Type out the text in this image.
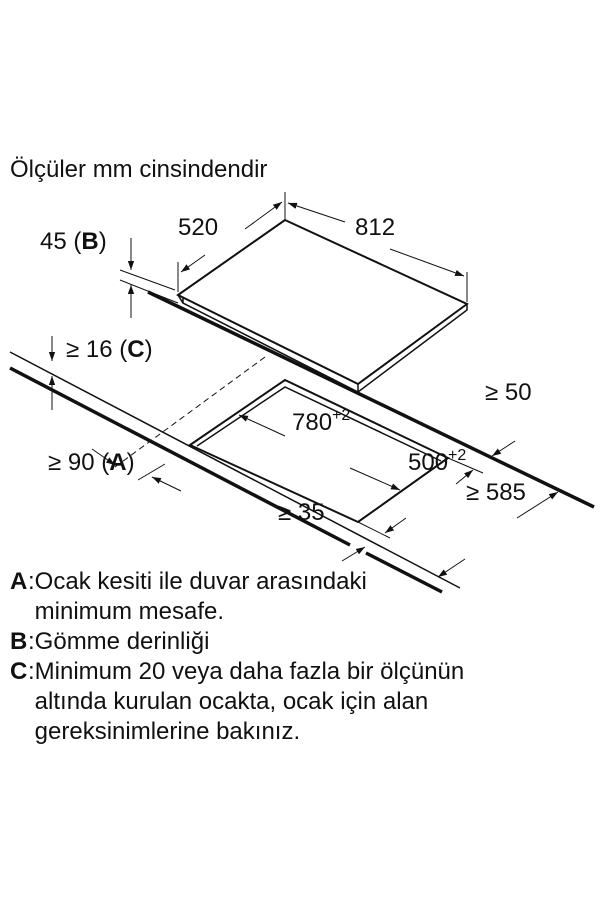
Ölçüler mm cinsindendir
520	812
45 (B)
≥ 16 (C)
≥ 90 (A)
$780^{+2}$
$500^{+2}$
≥ 50
≥ 585
≥ 35
A : Ocak kesiti ile duvar arasındaki
minimum mesafe.
B : Gömme derinliği
C : Minimum 20 veya daha fazla bir ölçünün
altında kurulan ocakta, ocak için alan
gereksinimlerine bakınız.
